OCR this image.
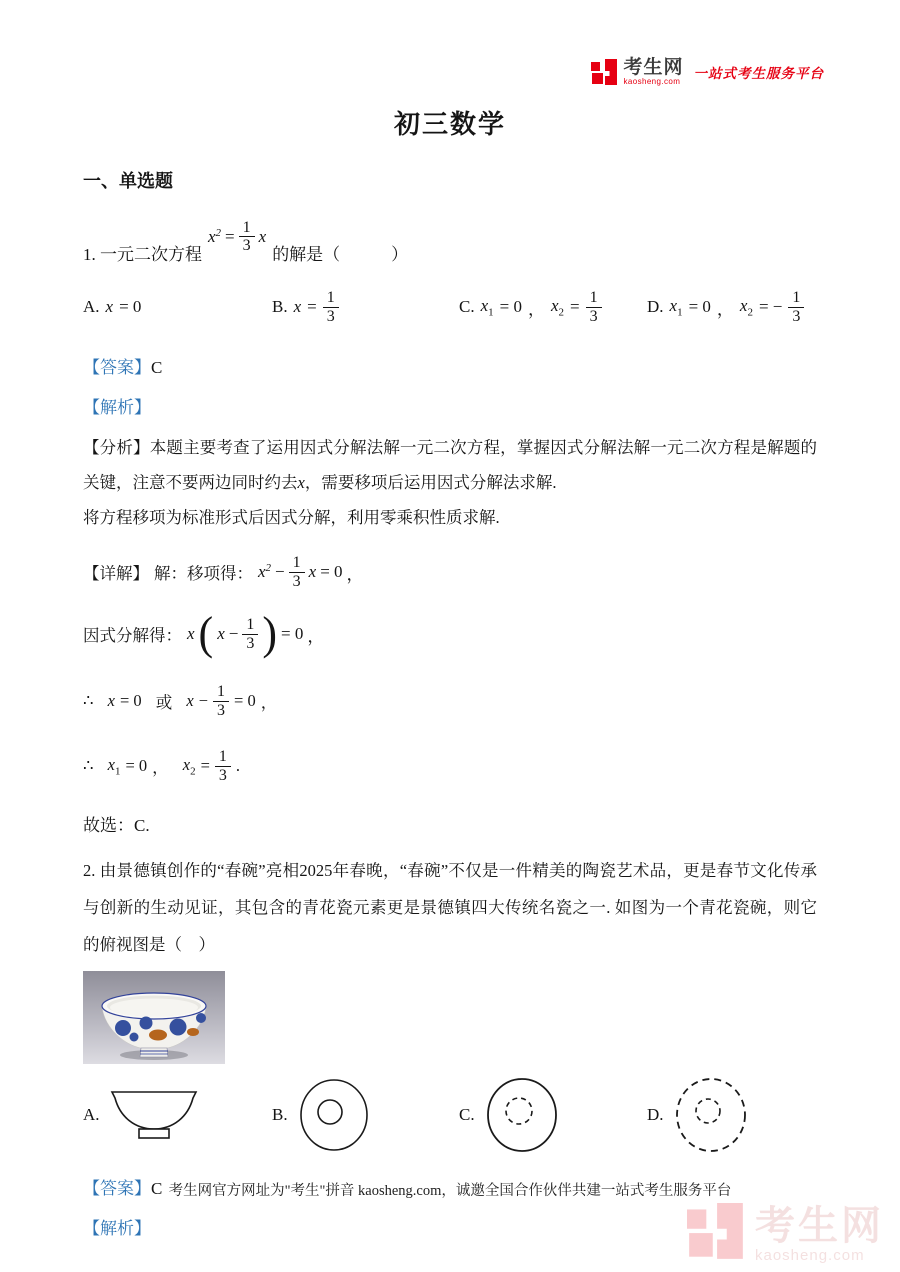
考生网
kaosheng.com
一站式考生服务平台
初三数学
一、单选题
1.
一元二次方程
$x^2 = \frac{1}{3}$ x
的解是（　　　）
A. x = 0	B. $x = \frac{1}{3}$	C. $x_1 = 0$ ， $x_2 = \frac{1}{3}$	D. $x_1 = 0$ ， $x_2$ = − $\frac{1}{3}$
【答案】C
【解析】

【分析】本题主要考查了运用因式分解法解一元二次方程，掌握因式分解法解一元二次方程是解题的关键，注意不要两边同时约去x，需要移项后运用因式分解法求解.

将方程移项为标准形式后因式分解，利用零乘积性质求解.

【详解】 解：移项得： $x^2 - \frac{1}{3}$ x = 0 ，
因式分解得： x ( $x - \frac{1}{3}$ ) = 0 ，
∴
x = 0
或
$x - \frac{1}{3} = 0$ ，
∴
$x_1 = 0$ ，
$x_2 = \frac{1}{3}$ .
故选：C.

2. 由景德镇创作的“春碗”亮相2025年春晚，“春碗”不仅是一件精美的陶瓷艺术品，更是春节文化传承与创新的生动见证，其包含的青花瓷元素更是景德镇四大传统名瓷之一. 如图为一个青花瓷碗，则它的俯视图是（　）

A.	B.	C.	D.
【答案】C
【解析】
考生网官方网址为"考生"拼音 kaosheng.com，诚邀全国合作伙伴共建一站式考生服务平台
考生网
kaosheng.com
